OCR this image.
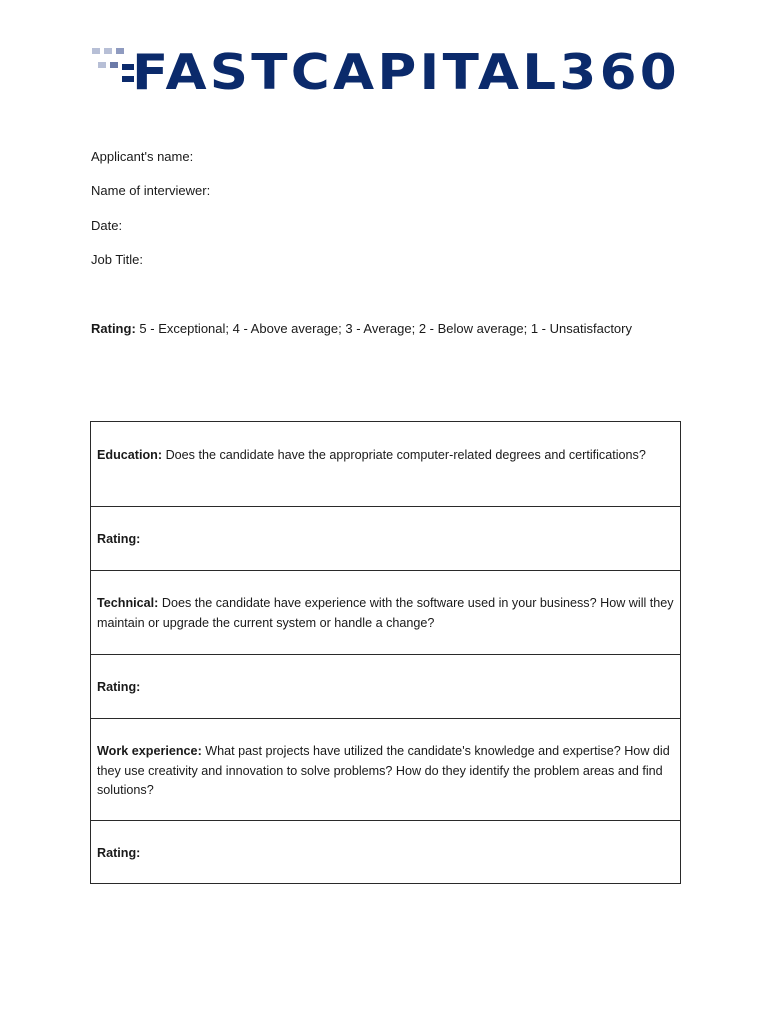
FASTCAPITAL360
Applicant's name:
Name of interviewer:
Date:
Job Title:
Rating: 5 - Exceptional; 4 - Above average; 3 - Average; 2 - Below average; 1 - Unsatisfactory
Education: Does the candidate have the appropriate computer-related degrees and certifications?
Rating:
Technical: Does the candidate have experience with the software used in your business? How will they maintain or upgrade the current system or handle a change?
Rating:
Work experience: What past projects have utilized the candidate's knowledge and expertise? How did they use creativity and innovation to solve problems? How do they identify the problem areas and find solutions?
Rating:
